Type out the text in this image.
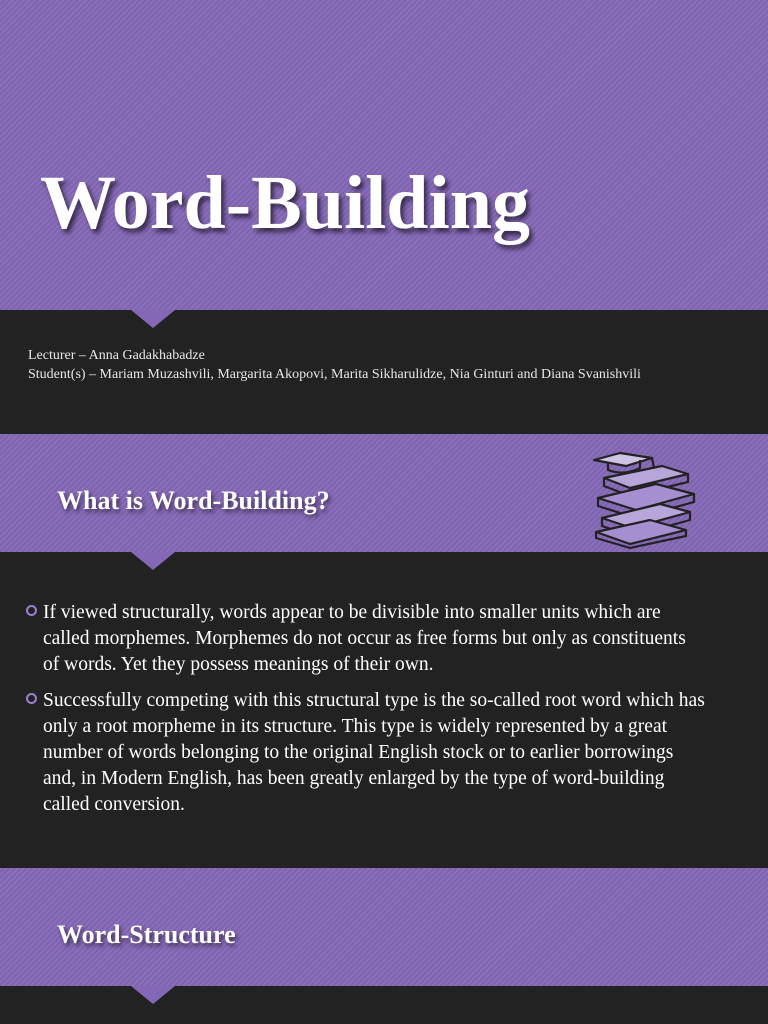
Word-Building
Lecturer – Anna Gadakhabadze
Student(s) – Mariam Muzashvili, Margarita Akopovi, Marita Sikharulidze, Nia Ginturi and Diana Svanishvili
What is Word-Building?
If viewed structurally, words appear to be divisible into smaller units which are called morphemes. Morphemes do not occur as free forms but only as constituents of words. Yet they possess meanings of their own.
Successfully competing with this structural type is the so-called root word which has only a root morpheme in its structure. This type is widely represented by a great number of words belonging to the original English stock or to earlier borrowings and, in Modern English, has been greatly enlarged by the type of word-building called conversion.
Word-Structure
